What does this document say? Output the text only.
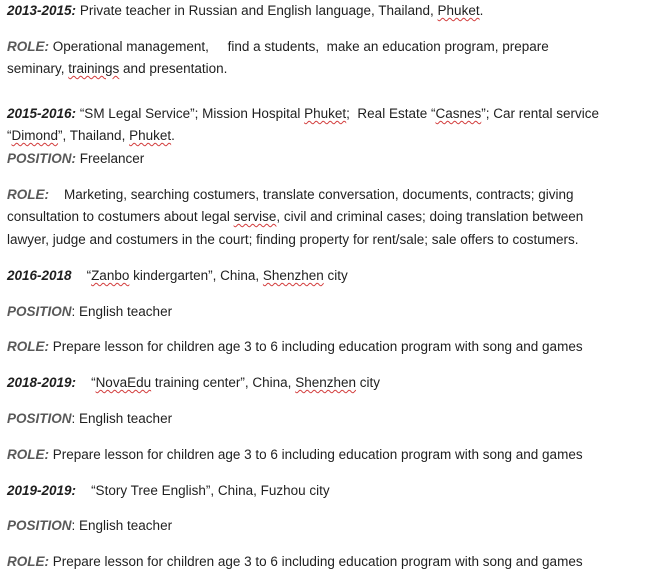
2013-2015: Private teacher in Russian and English language, Thailand, Phuket.
ROLE: Operational management,     find a students,  make an education program, prepare
seminary, trainings and presentation.
2015-2016: “SM Legal Service”; Mission Hospital Phuket;  Real Estate “Casnes”; Car rental service
“Dimond”, Thailand, Phuket.
POSITION: Freelancer
ROLE:    Marketing, searching costumers, translate conversation, documents, contracts; giving
consultation to costumers about legal servise, civil and criminal cases; doing translation between
lawyer, judge and costumers in the court; finding property for rent/sale; sale offers to costumers.
2016-2018    “Zanbo kindergarten”, China, Shenzhen city
POSITION: English teacher
ROLE: Prepare lesson for children age 3 to 6 including education program with song and games
2018-2019:    “NovaEdu training center”, China, Shenzhen city
POSITION: English teacher
ROLE: Prepare lesson for children age 3 to 6 including education program with song and games
2019-2019:    “Story Tree English”, China, Fuzhou city
POSITION: English teacher
ROLE: Prepare lesson for children age 3 to 6 including education program with song and games
